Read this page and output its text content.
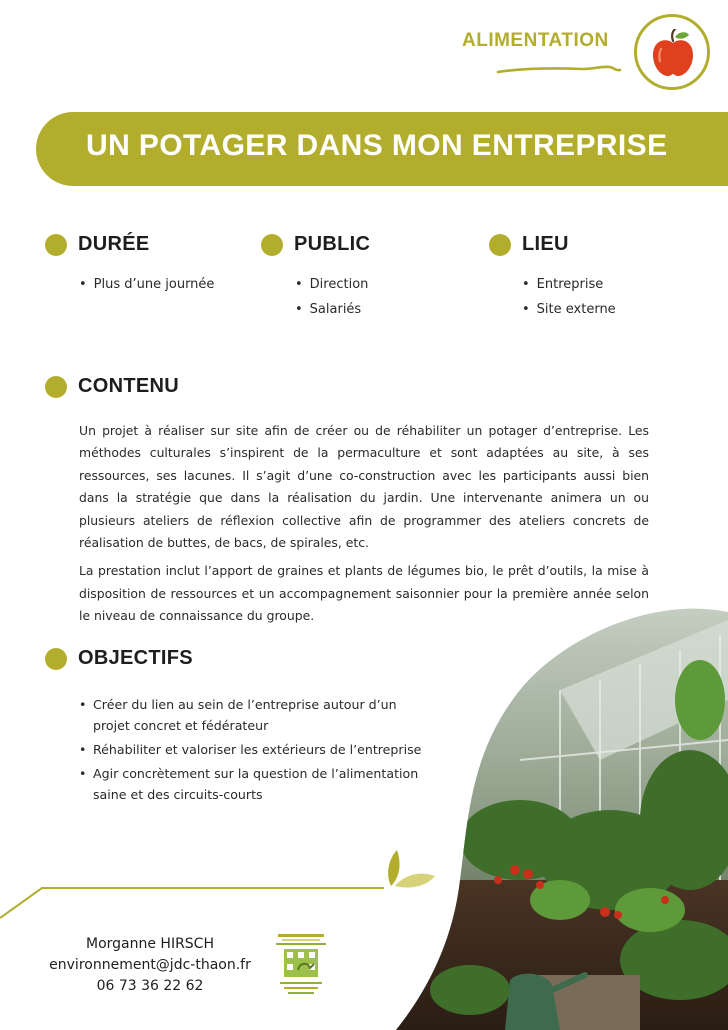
ALIMENTATION
UN POTAGER DANS MON ENTREPRISE
DURÉE
• Plus d’une journée
PUBLIC
• Direction
• Salariés
LIEU
• Entreprise
• Site externe
CONTENU

Un projet à réaliser sur site afin de créer ou de réhabiliter un potager d’entreprise. Les méthodes culturales s’inspirent de la permaculture et sont adaptées au site, à ses ressources, ses lacunes. Il s’agit d’une co-construction avec les participants aussi bien dans la stratégie que dans la réalisation du jardin. Une intervenante animera un ou plusieurs ateliers de réflexion collective afin de programmer des ateliers concrets de réalisation de buttes, de bacs, de spirales, etc.

La prestation inclut l’apport de graines et plants de légumes bio, le prêt d’outils, la mise à disposition de ressources et un accompagnement saisonnier pour la première année selon le niveau de connaissance du groupe.

OBJECTIFS
• Créer du lien au sein de l’entreprise autour d’un projet concret et fédérateur
• Réhabiliter et valoriser les extérieurs de l’entreprise
• Agir concrètement sur la question de l’alimentation saine et des circuits-courts
Morganne HIRSCH
environnement@jdc-thaon.fr
06 73 36 22 62
